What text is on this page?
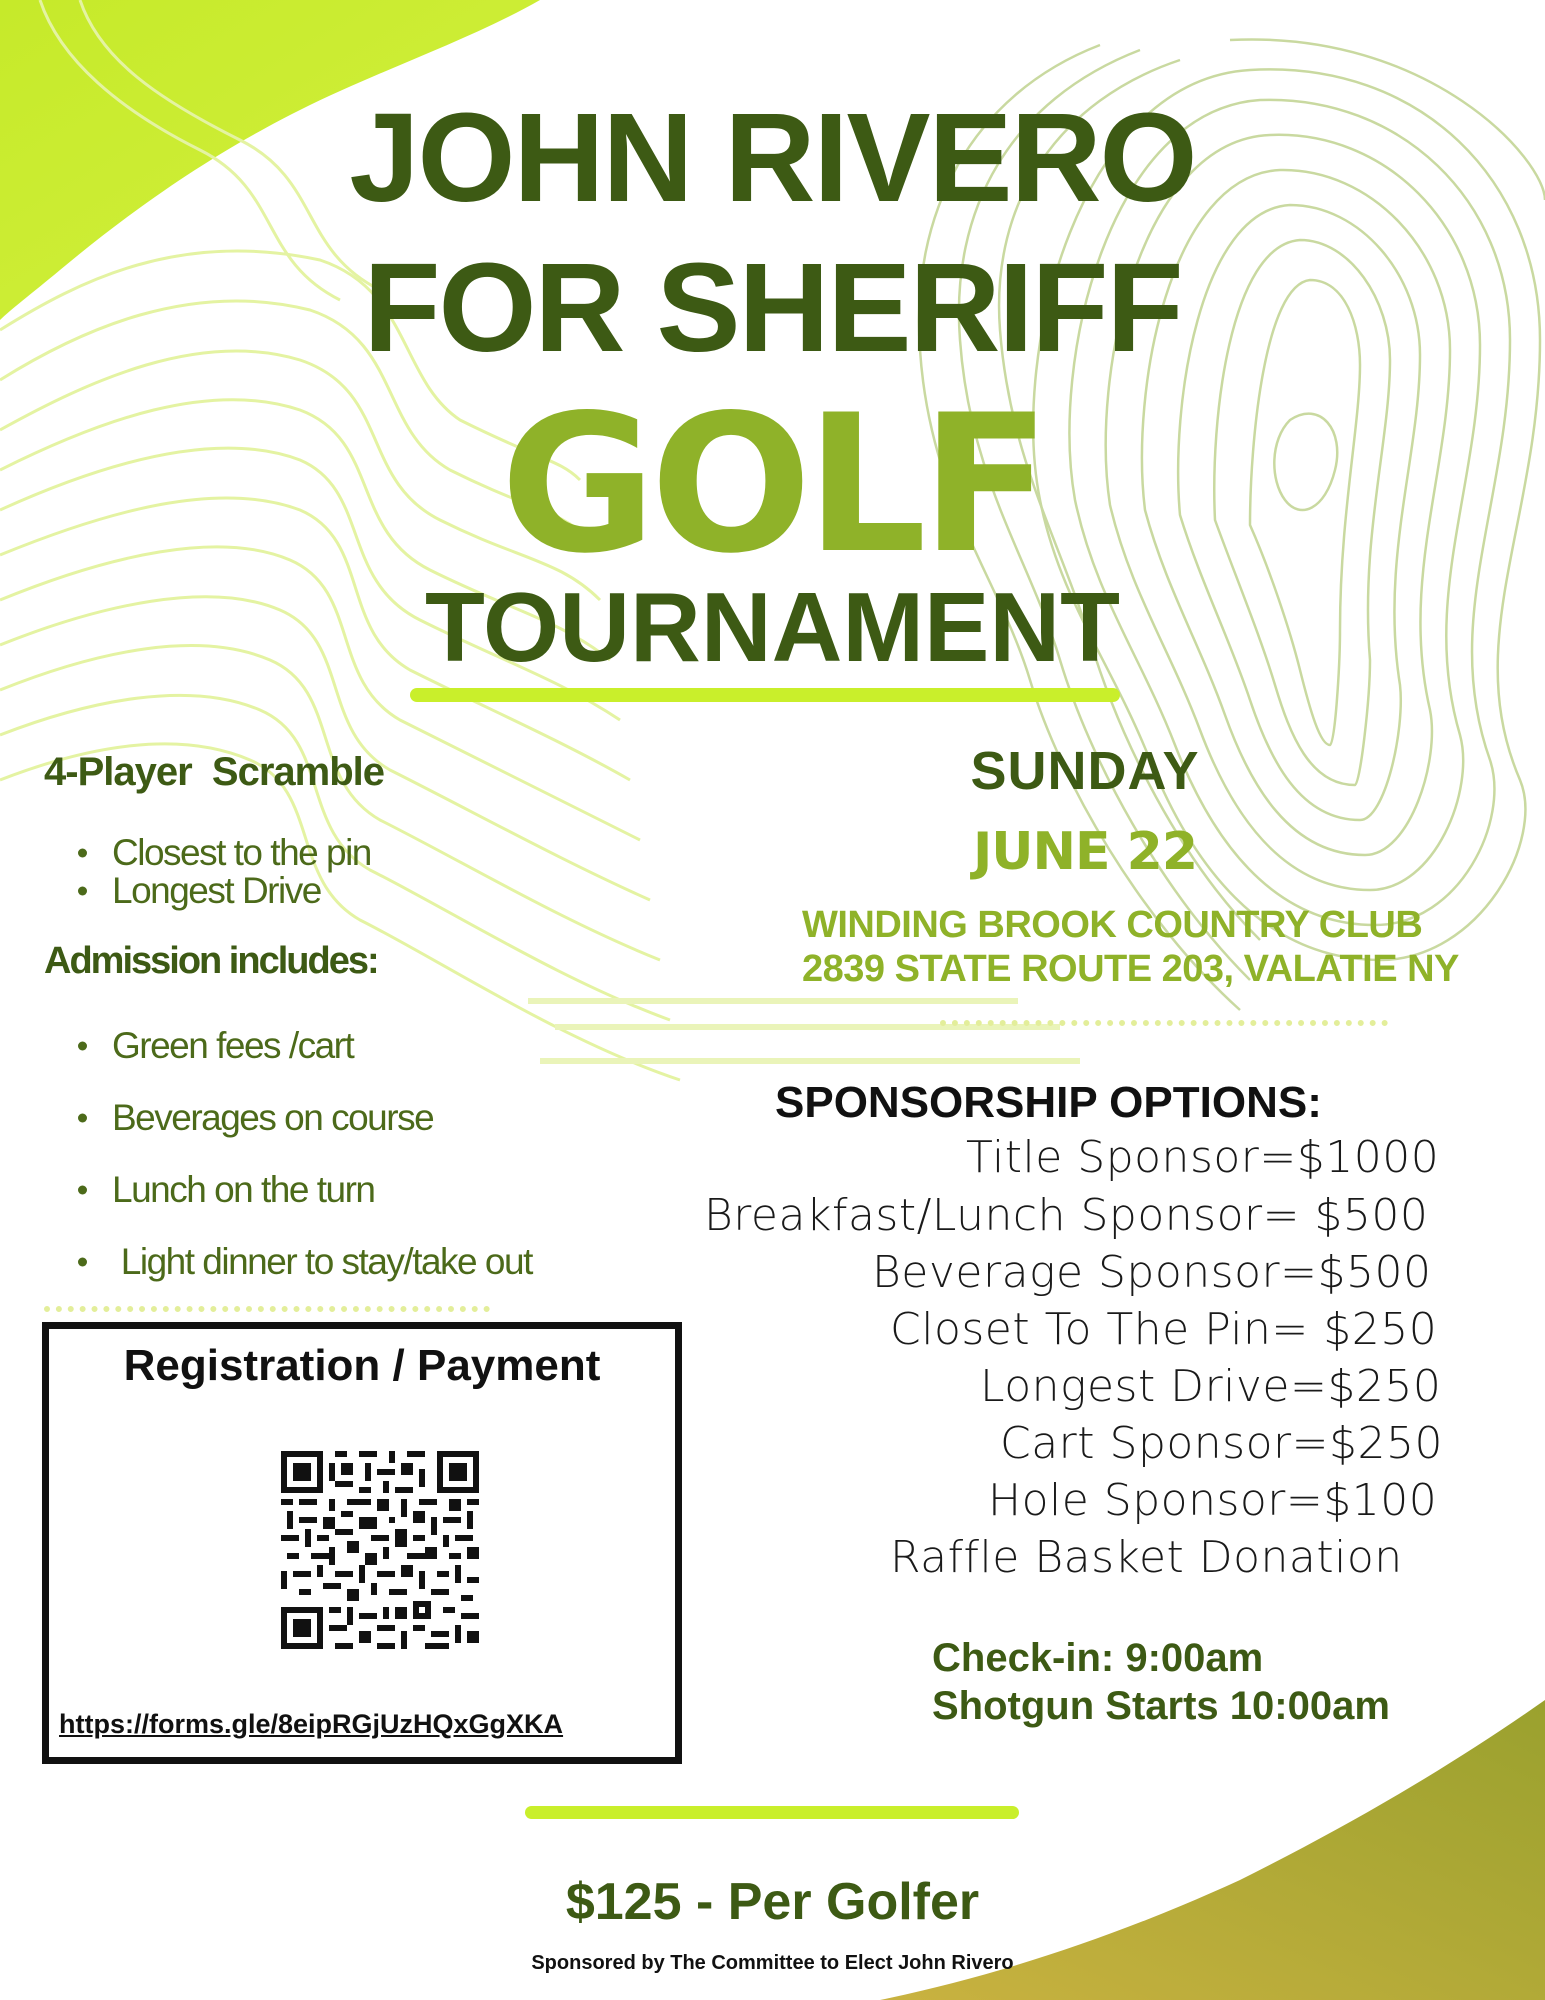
JOHN RIVERO
FOR SHERIFF
GOLF
TOURNAMENT
4-Player  Scramble
Closest to the pin
Longest Drive
Admission includes:
Green fees /cart
Beverages on course
Lunch on the turn
Light dinner to stay/take out
Registration / Payment
https://forms.gle/8eipRGjUzHQxGgXKA
SUNDAY
JUNE 22
WINDING BROOK COUNTRY CLUB
2839 STATE ROUTE 203, VALATIE NY
SPONSORSHIP OPTIONS:
Title Sponsor=$1000
Breakfast/Lunch Sponsor= $500
Beverage Sponsor=$500
Closet To The Pin= $250
Longest Drive=$250
Cart Sponsor=$250
Hole Sponsor=$100
Raffle Basket Donation
Check-in: 9:00am
Shotgun Starts 10:00am
$125 - Per Golfer
Sponsored by The Committee to Elect John Rivero
